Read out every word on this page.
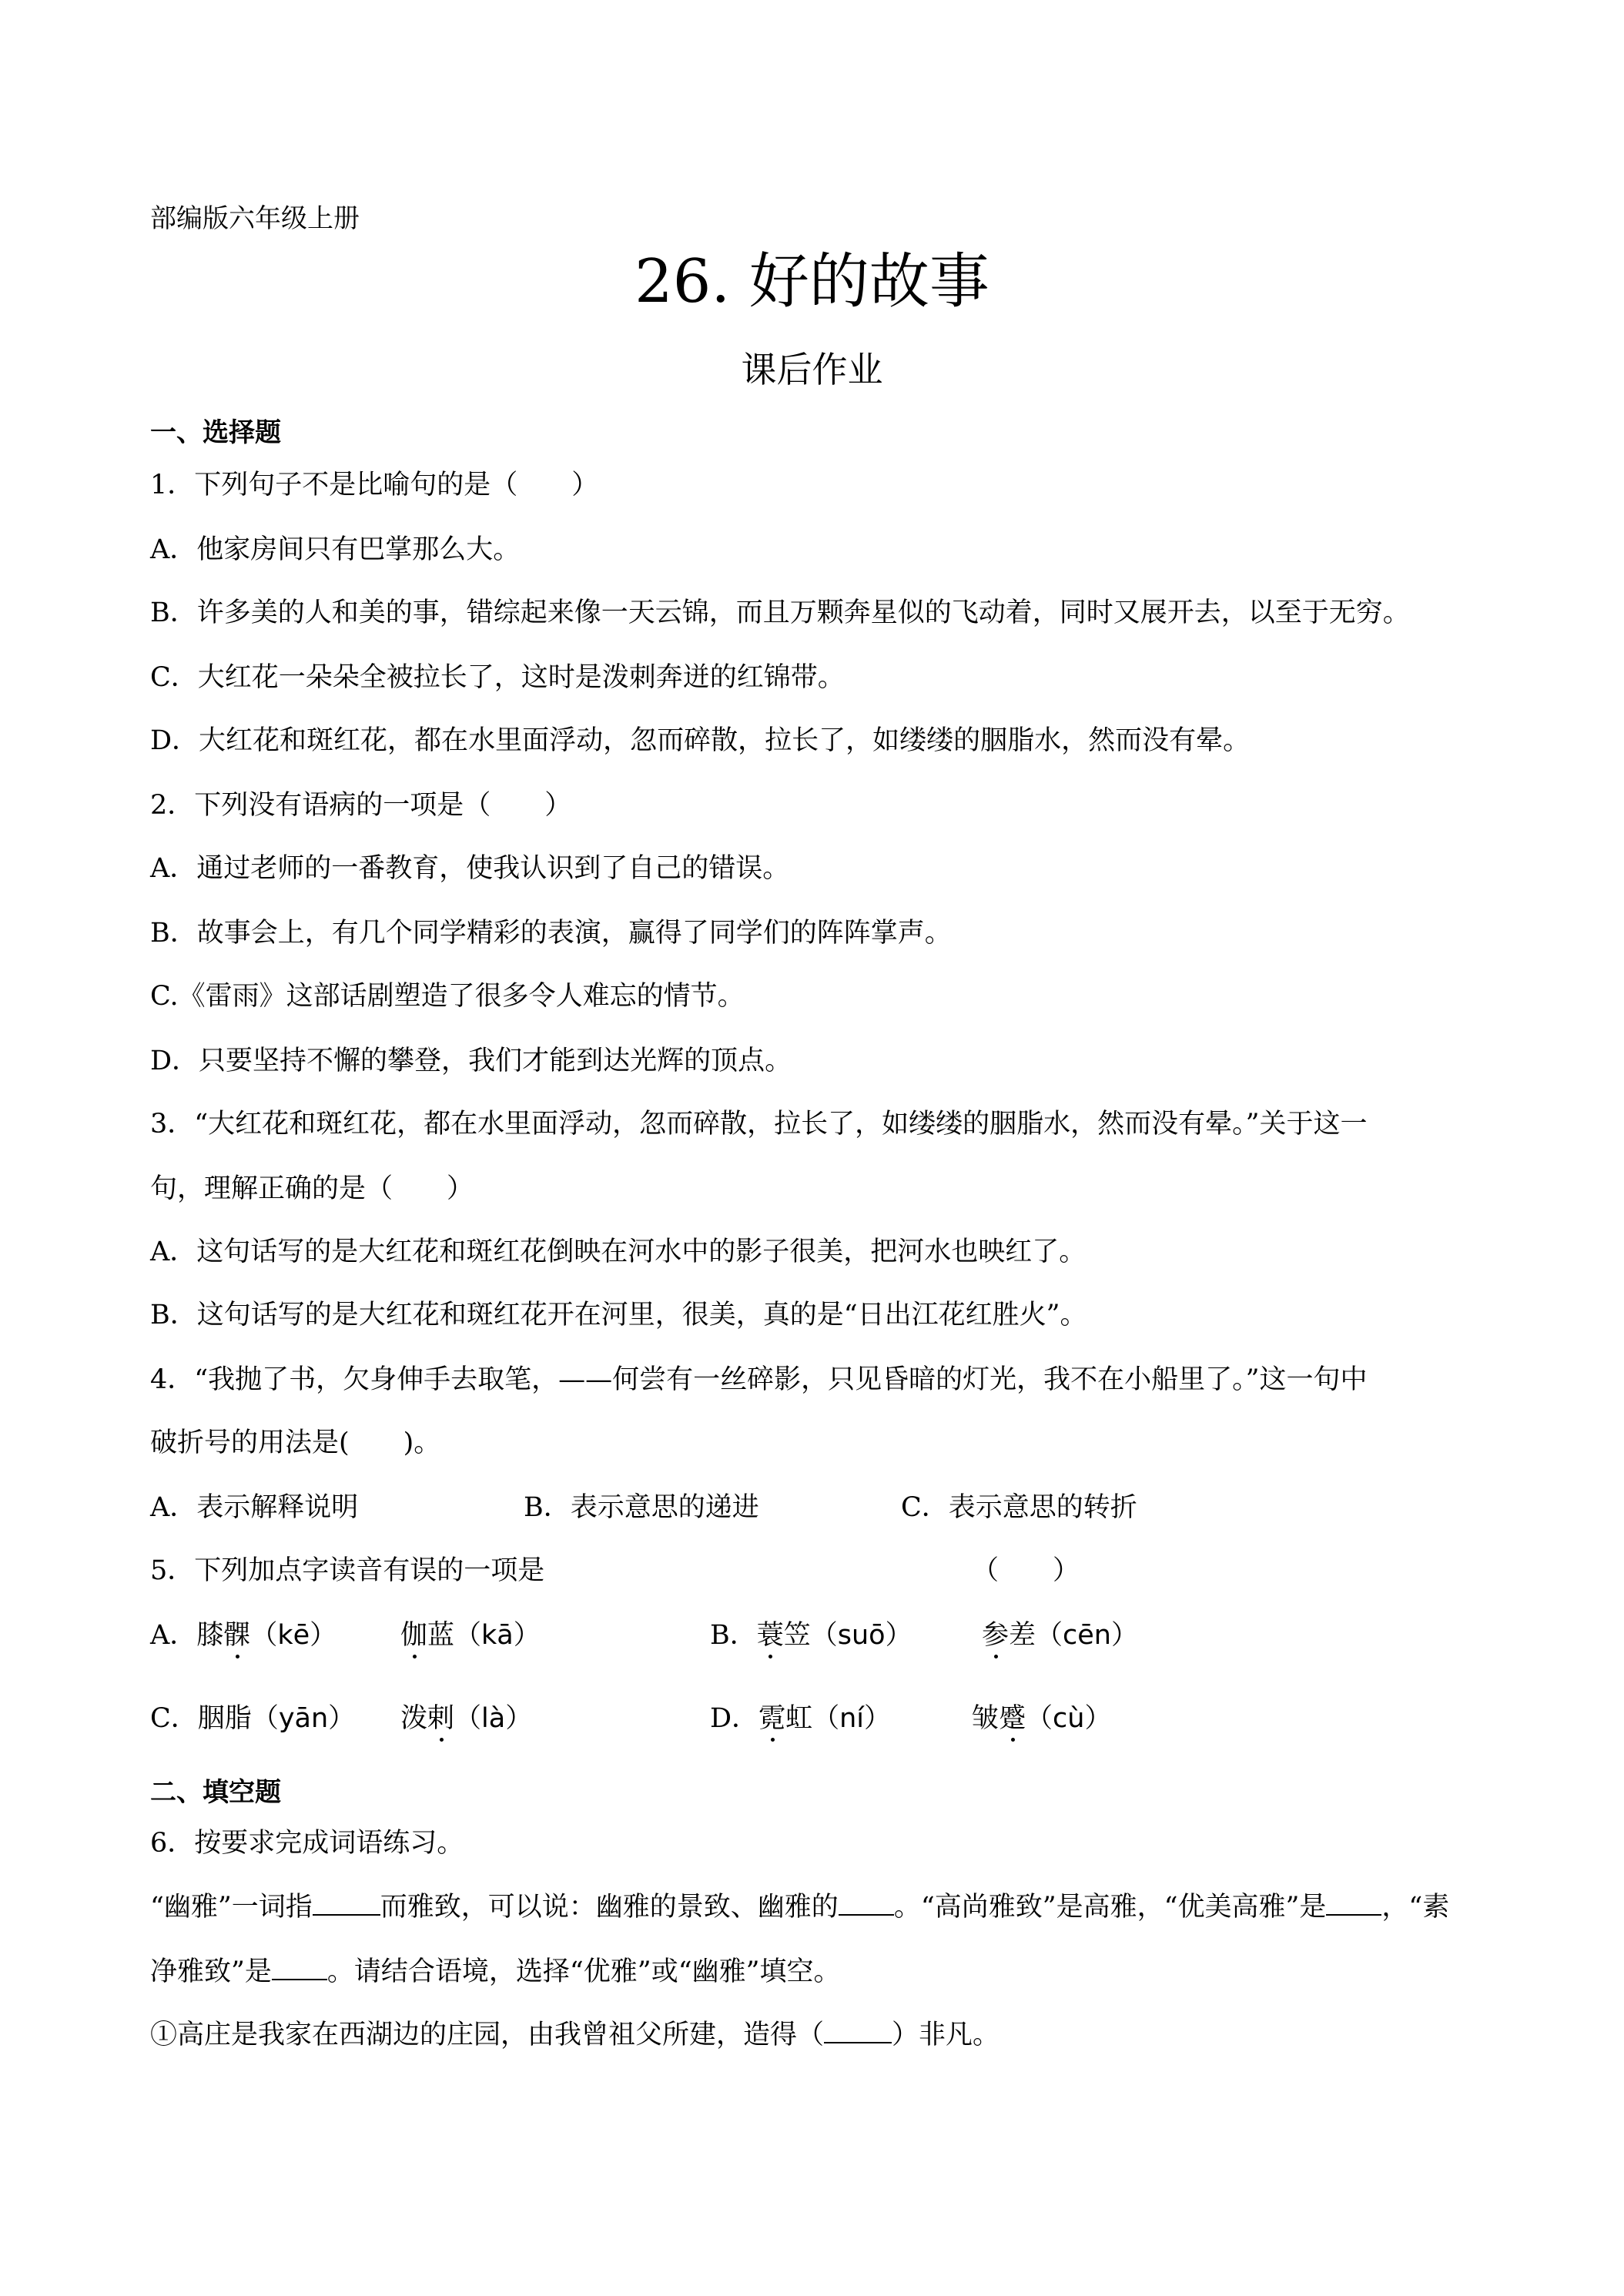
部编版六年级上册
26. 好的故事
课后作业
一、选择题
1．下列句子不是比喻句的是（　　）
A．他家房间只有巴掌那么大。
B．许多美的人和美的事，错综起来像一天云锦，而且万颗奔星似的飞动着，同时又展开去，以至于无穷。
C．大红花一朵朵全被拉长了，这时是泼刺奔迸的红锦带。
D．大红花和斑红花，都在水里面浮动，忽而碎散，拉长了，如缕缕的胭脂水，然而没有晕。
2．下列没有语病的一项是（　　）
A．通过老师的一番教育，使我认识到了自己的错误。
B．故事会上，有几个同学精彩的表演，赢得了同学们的阵阵掌声。
C.《雷雨》这部话剧塑造了很多令人难忘的情节。
D．只要坚持不懈的攀登，我们才能到达光辉的顶点。
3．“大红花和斑红花，都在水里面浮动，忽而碎散，拉长了，如缕缕的胭脂水，然而没有晕。”关于这一
句，理解正确的是（　　）
A．这句话写的是大红花和斑红花倒映在河水中的影子很美，把河水也映红了。
B．这句话写的是大红花和斑红花开在河里，很美，真的是“日出江花红胜火”。
4．“我抛了书，欠身伸手去取笔，——何尝有一丝碎影，只见昏暗的灯光，我不在小船里了。”这一句中
破折号的用法是(　　)。
A．表示解释说明	B．表示意思的递进	C．表示意思的转折
5．下列加点字读音有误的一项是	（　　）
A．膝髁（kē） 伽蓝（kā）	B．蓑笠（suō）	参差（cēn）
C．胭脂（yān） 泼剌（là）	D．霓虹（ní）	皱蹙（cù）
二、填空题
6．按要求完成词语练习。
“幽雅”一词指	而雅致，可以说：幽雅的景致、幽雅的 。“高尚雅致”是高雅，“优美高雅”是 ，“素
净雅致”是 。请结合语境，选择“优雅”或“幽雅”填空。
①高庄是我家在西湖边的庄园，由我曾祖父所建，造得（	）非凡。
